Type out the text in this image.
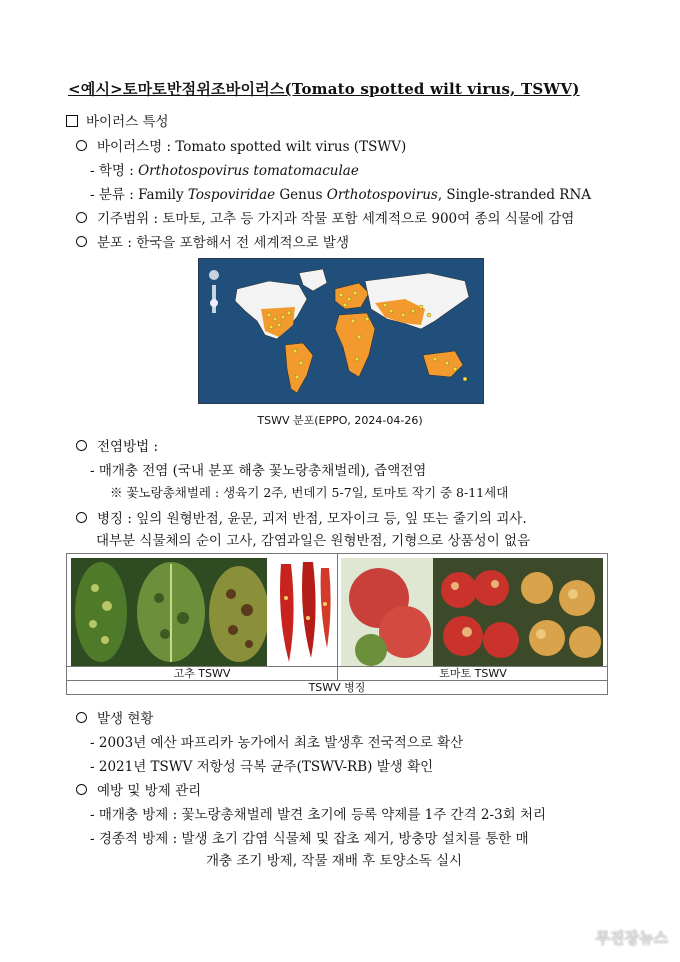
<예시>토마토반점위조바이러스(Tomato spotted wilt virus, TSWV)
바이러스 특성
바이러스명 : Tomato spotted wilt virus (TSWV)
- 학명 : Orthotospovirus tomatomaculae
- 분류 : Family Tospoviridae Genus Orthotospovirus, Single-stranded RNA
기주범위 : 토마토, 고추 등 가지과 작물 포함 세계적으로 900여 종의 식물에 감염
분포 : 한국을 포함해서 전 세계적으로 발생
TSWV 분포(EPPO, 2024-04-26)
전염방법 :
- 매개충 전염 (국내 분포 해충 꽃노랑총채벌레), 즙액전염
※ 꽃노랑총채벌레 : 생육기 2주, 번데기 5-7일, 토마토 작기 중 8-11세대
병징 : 잎의 원형반점, 윤문, 괴저 반점, 모자이크 등, 잎 또는 줄기의 괴사.
대부분 식물체의 순이 고사, 감염과일은 원형반점, 기형으로 상품성이 없음
고추 TSWV	토마토 TSWV
TSWV 병징
발생 현황
- 2003년 예산 파프리카 농가에서 최초 발생후 전국적으로 확산
- 2021년 TSWV 저항성 극복 균주(TSWV-RB) 발생 확인
예방 및 방제 관리
- 매개충 방제 : 꽃노랑총채벌레 발견 초기에 등록 약제를 1주 간격 2-3회 처리
- 경종적 방제 : 발생 초기 감염 식물체 및 잡초 제거, 방충망 설치를 통한 매
개충 조기 방제, 작물 재배 후 토양소독 실시
무진장뉴스
